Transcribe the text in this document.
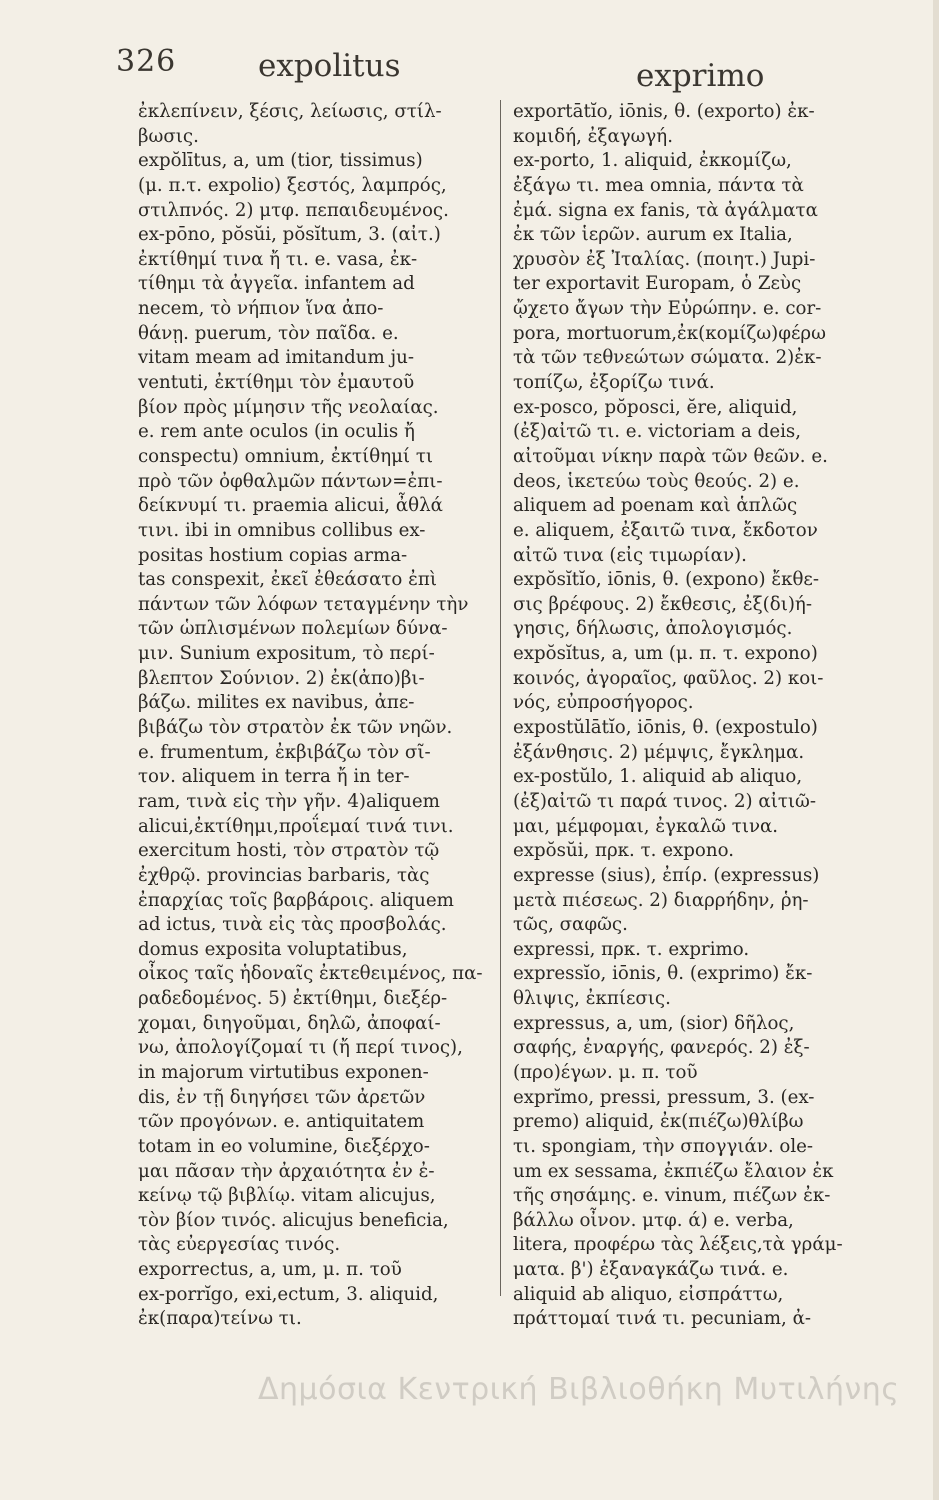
326	expolitus	exprimo
ἐκλεπίνειν, ξέσις, λείωσις, στίλ-
βωσις.
expŏlītus, a, um (tior, tissimus)
(μ. π.τ. expolio) ξεστός, λαμπρός,
στιλπνός. 2) μτφ. πεπαιδευμένος.
ex-pōno, pŏsŭi, pŏsĭtum, 3. (αἰτ.)
ἐκτίθημί τινα ἤ τι. e. vasa, ἐκ-
τίθημι τὰ ἀγγεῖα. infantem ad
necem, τὸ νήπιον ἵνα ἀπο-
θάνῃ. puerum, τὸν παῖδα. e.
vitam meam ad imitandum ju-
ventuti, ἐκτίθημι τὸν ἐμαυτοῦ
βίον πρὸς μίμησιν τῆς νεολαίας.
e. rem ante oculos (in oculis ἤ
conspectu) omnium, ἐκτίθημί τι
πρὸ τῶν ὀφθαλμῶν πάντων=ἐπι-
δείκνυμί τι. praemia alicui, ἆθλά
τινι. ibi in omnibus collibus ex-
positas hostium copias arma-
tas conspexit, ἐκεῖ ἐθεάσατο ἐπὶ
πάντων τῶν λόφων τεταγμένην τὴν
τῶν ὡπλισμένων πολεμίων δύνα-
μιν. Sunium expositum, τὸ περί-
βλεπτον Σούνιον. 2) ἐκ(ἀπο)βι-
βάζω. milites ex navibus, ἀπε-
βιβάζω τὸν στρατὸν ἐκ τῶν νηῶν.
e. frumentum, ἐκβιβάζω τὸν σῖ-
τον. aliquem in terra ἤ in ter-
ram, τινὰ εἰς τὴν γῆν. 4)aliquem
alicui,ἐκτίθημι,προΐεμαί τινά τινι.
exercitum hosti, τὸν στρατὸν τῷ
ἐχθρῷ. provincias barbaris, τὰς
ἐπαρχίας τοῖς βαρβάροις. aliquem
ad ictus, τινὰ εἰς τὰς προσβολάς.
domus exposita voluptatibus,
οἶκος ταῖς ἡδοναῖς ἐκτεθειμένος, πα-
ραδεδομένος. 5) ἐκτίθημι, διεξέρ-
χομαι, διηγοῦμαι, δηλῶ, ἀποφαί-
νω, ἀπολογίζομαί τι (ἤ περί τινος),
in majorum virtutibus exponen-
dis, ἐν τῇ διηγήσει τῶν ἀρετῶν
τῶν προγόνων. e. antiquitatem
totam in eo volumine, διεξέρχο-
μαι πᾶσαν τὴν ἀρχαιότητα ἐν ἐ-
κείνῳ τῷ βιβλίῳ. vitam alicujus,
τὸν βίον τινός. alicujus beneficia,
τὰς εὐεργεσίας τινός.
exporrectus, a, um, μ. π. τοῦ
ex-porrĭgo, exi,ectum, 3. aliquid,
ἐκ(παρα)τείνω τι.
exportātĭo, iōnis, θ. (exporto) ἐκ-
κομιδή, ἐξαγωγή.
ex-porto, 1. aliquid, ἐκκομίζω,
ἐξάγω τι. mea omnia, πάντα τὰ
ἐμά. signa ex fanis, τὰ ἀγάλματα
ἐκ τῶν ἱερῶν. aurum ex Italia,
χρυσὸν ἐξ Ἰταλίας. (ποιητ.) Jupi-
ter exportavit Europam, ὁ Ζεὺς
ᾤχετο ἄγων τὴν Εὐρώπην. e. cor-
pora, mortuorum,ἐκ(κομίζω)φέρω
τὰ τῶν τεθνεώτων σώματα. 2)ἐκ-
τοπίζω, ἐξορίζω τινά.
ex-posco, pŏposci, ĕre, aliquid,
(ἐξ)αἰτῶ τι. e. victoriam a deis,
αἰτοῦμαι νίκην παρὰ τῶν θεῶν. e.
deos, ἱκετεύω τοὺς θεούς. 2) e.
aliquem ad poenam καὶ ἁπλῶς
e. aliquem, ἐξαιτῶ τινα, ἔκδοτον
αἰτῶ τινα (εἰς τιμωρίαν).
expŏsĭtĭo, iōnis, θ. (expono) ἔκθε-
σις βρέφους. 2) ἔκθεσις, ἐξ(δι)ή-
γησις, δήλωσις, ἀπολογισμός.
expŏsĭtus, a, um (μ. π. τ. expono)
κοινός, ἀγοραῖος, φαῦλος. 2) κοι-
νός, εὐπροσήγορος.
expostŭlātĭo, iōnis, θ. (expostulo)
ἐξάνθησις. 2) μέμψις, ἔγκλημα.
ex-postŭlo, 1. aliquid ab aliquo,
(ἐξ)αἰτῶ τι παρά τινος. 2) αἰτιῶ-
μαι, μέμφομαι, ἐγκαλῶ τινα.
expŏsŭi, πρκ. τ. expono.
expresse (sius), ἐπίρ. (expressus)
μετὰ πιέσεως. 2) διαρρήδην, ῥη-
τῶς, σαφῶς.
expressi, πρκ. τ. exprimo.
expressĭo, iōnis, θ. (exprimo) ἔκ-
θλιψις, ἐκπίεσις.
expressus, a, um, (sior) δῆλος,
σαφής, ἐναργής, φανερός. 2) ἐξ-
(προ)έγων. μ. π. τοῦ
exprĭmo, pressi, pressum, 3. (ex-
premo) aliquid, ἐκ(πιέζω)θλίβω
τι. spongiam, τὴν σπογγιάν. ole-
um ex sessama, ἐκπιέζω ἔλαιον ἐκ
τῆς σησάμης. e. vinum, πιέζων ἐκ-
βάλλω οἶνον. μτφ. ά) e. verba,
litera, προφέρω τὰς λέξεις,τὰ γράμ-
ματα. β') ἐξαναγκάζω τινά. e.
aliquid ab aliquo, εἰσπράττω,
πράττομαί τινά τι. pecuniam, ἀ-
Δημόσια Κεντρική Βιβλιοθήκη Μυτιλήνης
